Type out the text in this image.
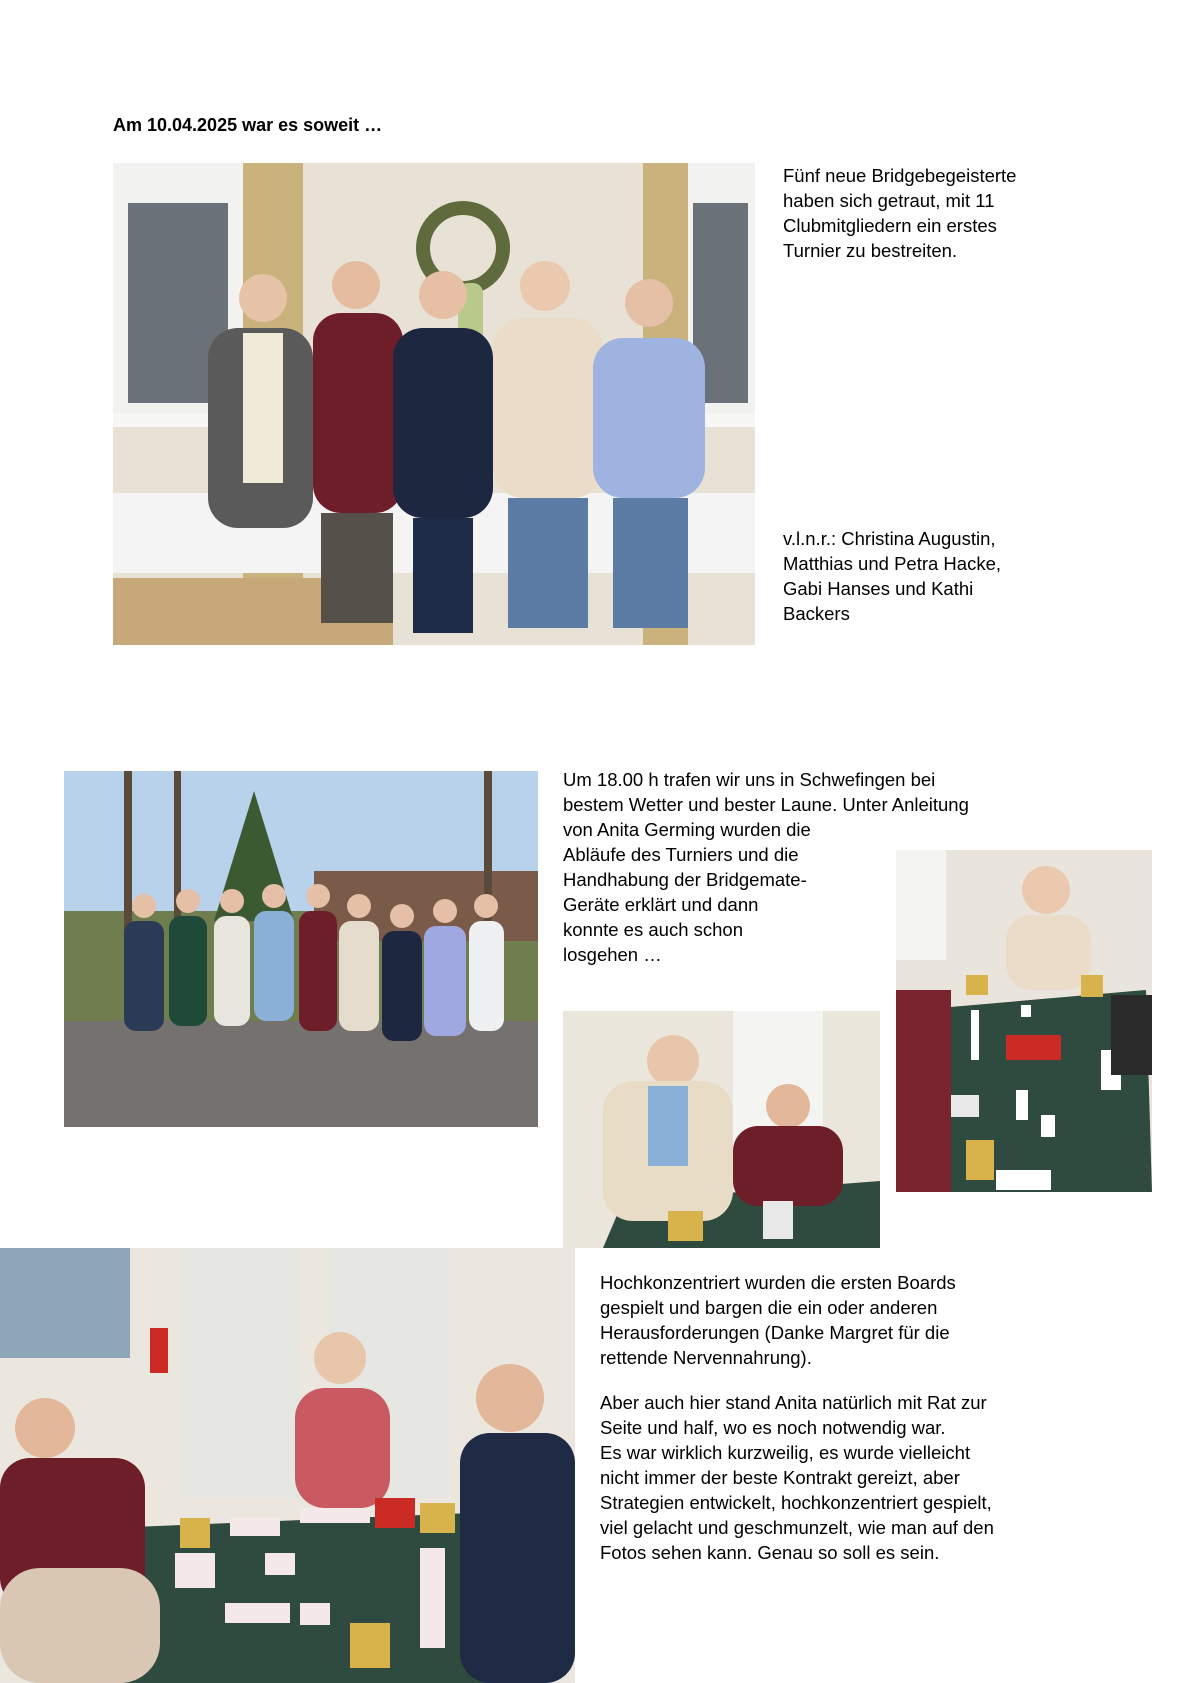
Am 10.04.2025 war es soweit …
Fünf neue Bridgebegeisterte
haben sich getraut, mit 11
Clubmitgliedern ein erstes
Turnier zu bestreiten.
v.l.n.r.: Christina Augustin,
Matthias und Petra Hacke,
Gabi Hanses und Kathi
Backers
Um 18.00 h trafen wir uns in Schwefingen bei
bestem Wetter und bester Laune. Unter Anleitung
von Anita Germing wurden die
Abläufe des Turniers und die
Handhabung der Bridgemate-
Geräte erklärt und dann
konnte es auch schon
losgehen …
Hochkonzentriert wurden die ersten Boards
gespielt und bargen die ein oder anderen
Herausforderungen (Danke Margret für die
rettende Nervennahrung).
Aber auch hier stand Anita natürlich mit Rat zur
Seite und half, wo es noch notwendig war.
Es war wirklich kurzweilig, es wurde vielleicht
nicht immer der beste Kontrakt gereizt, aber
Strategien entwickelt, hochkonzentriert gespielt,
viel gelacht und geschmunzelt, wie man auf den
Fotos sehen kann. Genau so soll es sein.
